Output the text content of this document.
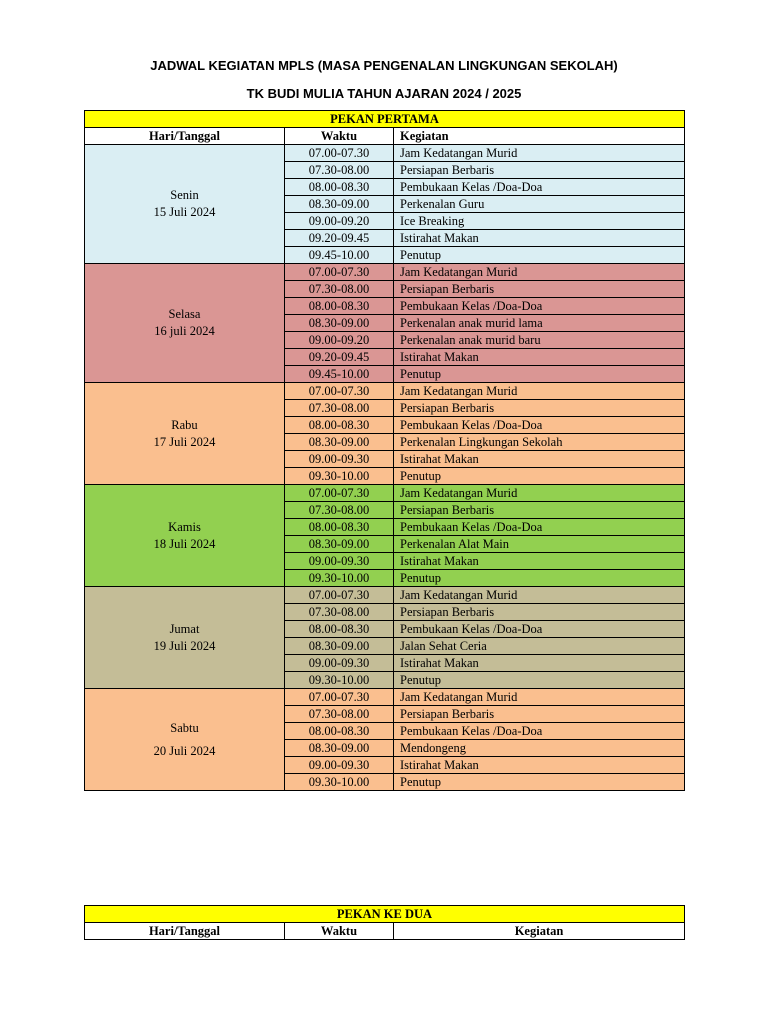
JADWAL KEGIATAN MPLS (MASA PENGENALAN LINGKUNGAN SEKOLAH)
TK BUDI MULIA TAHUN AJARAN 2024 / 2025
PEKAN PERTAMA		
Hari/Tanggal	Waktu	Kegiatan

Senin
15 Juli 2024	07.00-07.30	Jam Kedatangan Murid
	07.30-08.00	Persiapan Berbaris
	08.00-08.30	Pembukaan Kelas /Doa-Doa
	08.30-09.00	Perkenalan Guru
	09.00-09.20	Ice Breaking
	09.20-09.45	Istirahat Makan
	09.45-10.00	Penutup

Selasa
16 juli 2024	07.00-07.30	Jam Kedatangan Murid
	07.30-08.00	Persiapan Berbaris
	08.00-08.30	Pembukaan Kelas /Doa-Doa
	08.30-09.00	Perkenalan anak murid lama
	09.00-09.20	Perkenalan anak murid baru
	09.20-09.45	Istirahat Makan
	09.45-10.00	Penutup

Rabu
17 Juli 2024	07.00-07.30	Jam Kedatangan Murid
	07.30-08.00	Persiapan Berbaris
	08.00-08.30	Pembukaan Kelas /Doa-Doa
	08.30-09.00	Perkenalan Lingkungan Sekolah
	09.00-09.30	Istirahat Makan
	09.30-10.00	Penutup

Kamis
18 Juli 2024	07.00-07.30	Jam Kedatangan Murid
	07.30-08.00	Persiapan Berbaris
	08.00-08.30	Pembukaan Kelas /Doa-Doa
	08.30-09.00	Perkenalan Alat Main
	09.00-09.30	Istirahat Makan
	09.30-10.00	Penutup

Jumat
19 Juli 2024	07.00-07.30	Jam Kedatangan Murid
	07.30-08.00	Persiapan Berbaris
	08.00-08.30	Pembukaan Kelas /Doa-Doa
	08.30-09.00	Jalan Sehat Ceria
	09.00-09.30	Istirahat Makan
	09.30-10.00	Penutup

Sabtu
20 Juli 2024	07.00-07.30	Jam Kedatangan Murid
	07.30-08.00	Persiapan Berbaris
	08.00-08.30	Pembukaan Kelas /Doa-Doa
	08.30-09.00	Mendongeng
	09.00-09.30	Istirahat Makan
	09.30-10.00	Penutup
PEKAN KE DUA
Hari/Tanggal	Waktu	Kegiatan
